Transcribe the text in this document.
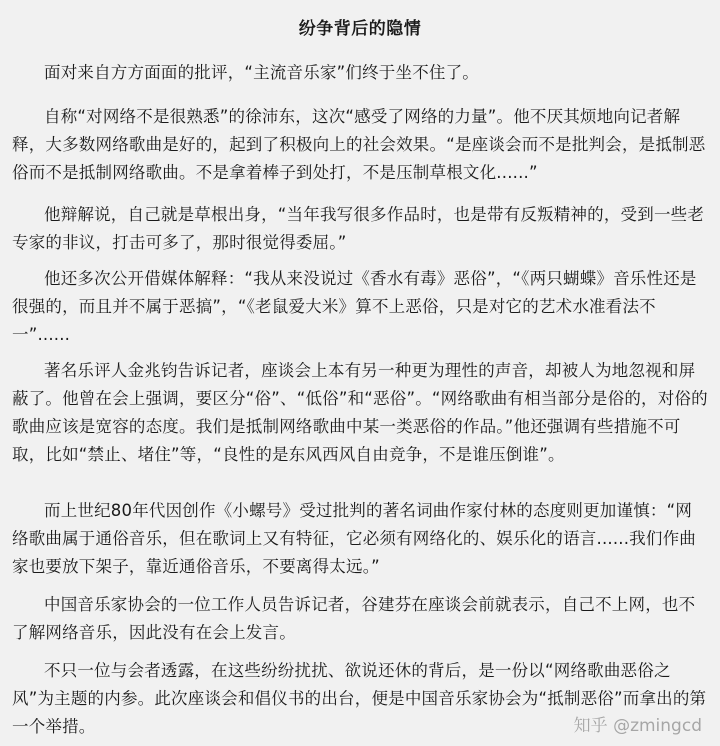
纷争背后的隐情

面对来自方方面面的批评，“主流音乐家”们终于坐不住了。

自称“对网络不是很熟悉”的徐沛东，这次“感受了网络的力量”。他不厌其烦地向记者解释，大多数网络歌曲是好的，起到了积极向上的社会效果。“是座谈会而不是批判会，是抵制恶俗而不是抵制网络歌曲。不是拿着棒子到处打，不是压制草根文化......”

他辩解说，自己就是草根出身，“当年我写很多作品时，也是带有反叛精神的，受到一些老专家的非议，打击可多了，那时很觉得委屈。”

他还多次公开借媒体解释：“我从来没说过《香水有毒》恶俗”，“《两只蝴蝶》音乐性还是很强的，而且并不属于恶搞”，“《老鼠爱大米》算不上恶俗，只是对它的艺术水准看法不一”......

著名乐评人金兆钧告诉记者，座谈会上本有另一种更为理性的声音，却被人为地忽视和屏蔽了。他曾在会上强调，要区分“俗”、“低俗”和“恶俗”。“网络歌曲有相当部分是俗的，对俗的歌曲应该是宽容的态度。我们是抵制网络歌曲中某一类恶俗的作品。”他还强调有些措施不可取，比如“禁止、堵住”等，“良性的是东风西风自由竞争，不是谁压倒谁”。

而上世纪80年代因创作《小螺号》受过批判的著名词曲作家付林的态度则更加谨慎：“网络歌曲属于通俗音乐，但在歌词上又有特征，它必须有网络化的、娱乐化的语言......我们作曲家也要放下架子，靠近通俗音乐，不要离得太远。”

中国音乐家协会的一位工作人员告诉记者，谷建芬在座谈会前就表示，自己不上网，也不了解网络音乐，因此没有在会上发言。

不只一位与会者透露，在这些纷纷扰扰、欲说还休的背后，是一份以“网络歌曲恶俗之风”为主题的内参。此次座谈会和倡仪书的出台，便是中国音乐家协会为“抵制恶俗”而拿出的第一个举措。	知乎 @zmingcd
